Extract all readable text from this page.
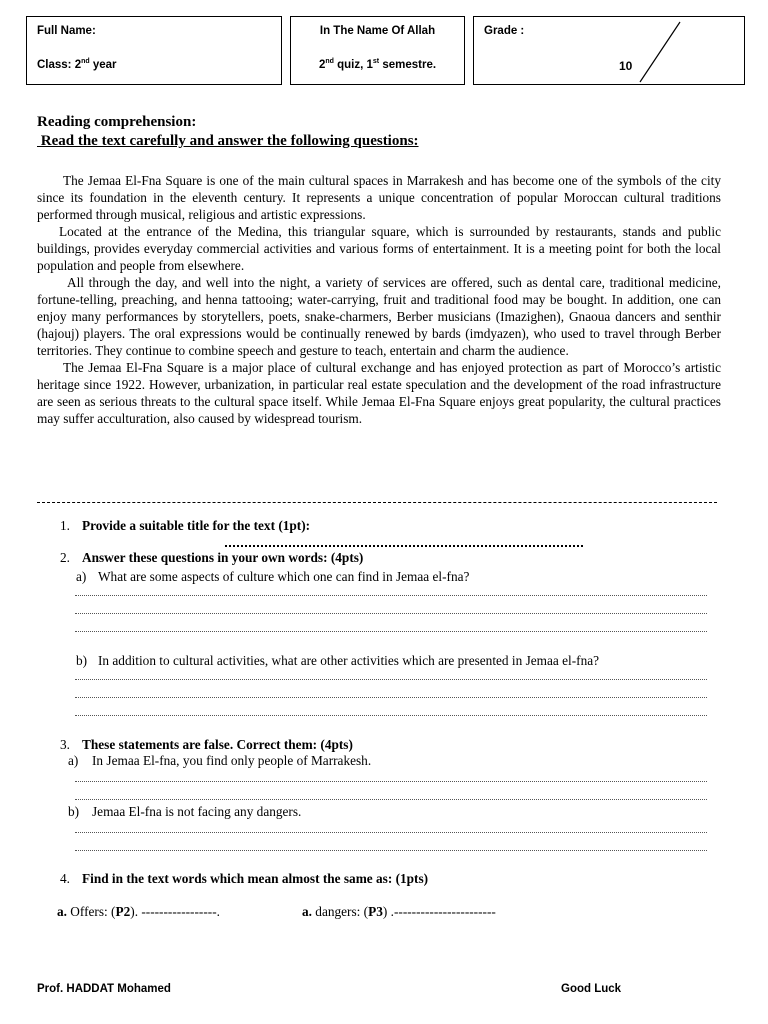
Full Name:
Class: 2nd year
In The Name Of Allah
2nd quiz, 1st semestre.
Grade :
10
Reading comprehension:
Read the text carefully and answer the following questions:

The Jemaa El-Fna Square is one of the main cultural spaces in Marrakesh and has become one of the symbols of the city since its foundation in the eleventh century. It represents a unique concentration of popular Moroccan cultural traditions performed through musical, religious and artistic expressions.

Located at the entrance of the Medina, this triangular square, which is surrounded by restaurants, stands and public buildings, provides everyday commercial activities and various forms of entertainment. It is a meeting point for both the local population and people from elsewhere.

All through the day, and well into the night, a variety of services are offered, such as dental care, traditional medicine, fortune-telling, preaching, and henna tattooing; water-carrying, fruit and traditional food may be bought. In addition, one can enjoy many performances by storytellers, poets, snake-charmers, Berber musicians (Imazighen), Gnaoua dancers and senthir (hajouj) players. The oral expressions would be continually renewed by bards (imdyazen), who used to travel through Berber territories. They continue to combine speech and gesture to teach, entertain and charm the audience.

The Jemaa El-Fna Square is a major place of cultural exchange and has enjoyed protection as part of Morocco’s artistic heritage since 1922. However, urbanization, in particular real estate speculation and the development of the road infrastructure are seen as serious threats to the cultural space itself. While Jemaa El-Fna Square enjoys great popularity, the cultural practices may suffer acculturation, also caused by widespread tourism.

1. Provide a suitable title for the text (1pt):
2. Answer these questions in your own words: (4pts)
a) What are some aspects of culture which one can find in Jemaa el-fna?
b) In addition to cultural activities, what are other activities which are presented in Jemaa el-fna?
3. These statements are false. Correct them: (4pts)
a) In Jemaa El-fna, you find only people of Marrakesh.
b) Jemaa El-fna is not facing any dangers.
4. Find in the text words which mean almost the same as: (1pts)
a. Offers: (P2). -----------------.	a. dangers: (P3) .-----------------------
Prof. HADDAT Mohamed	Good Luck
